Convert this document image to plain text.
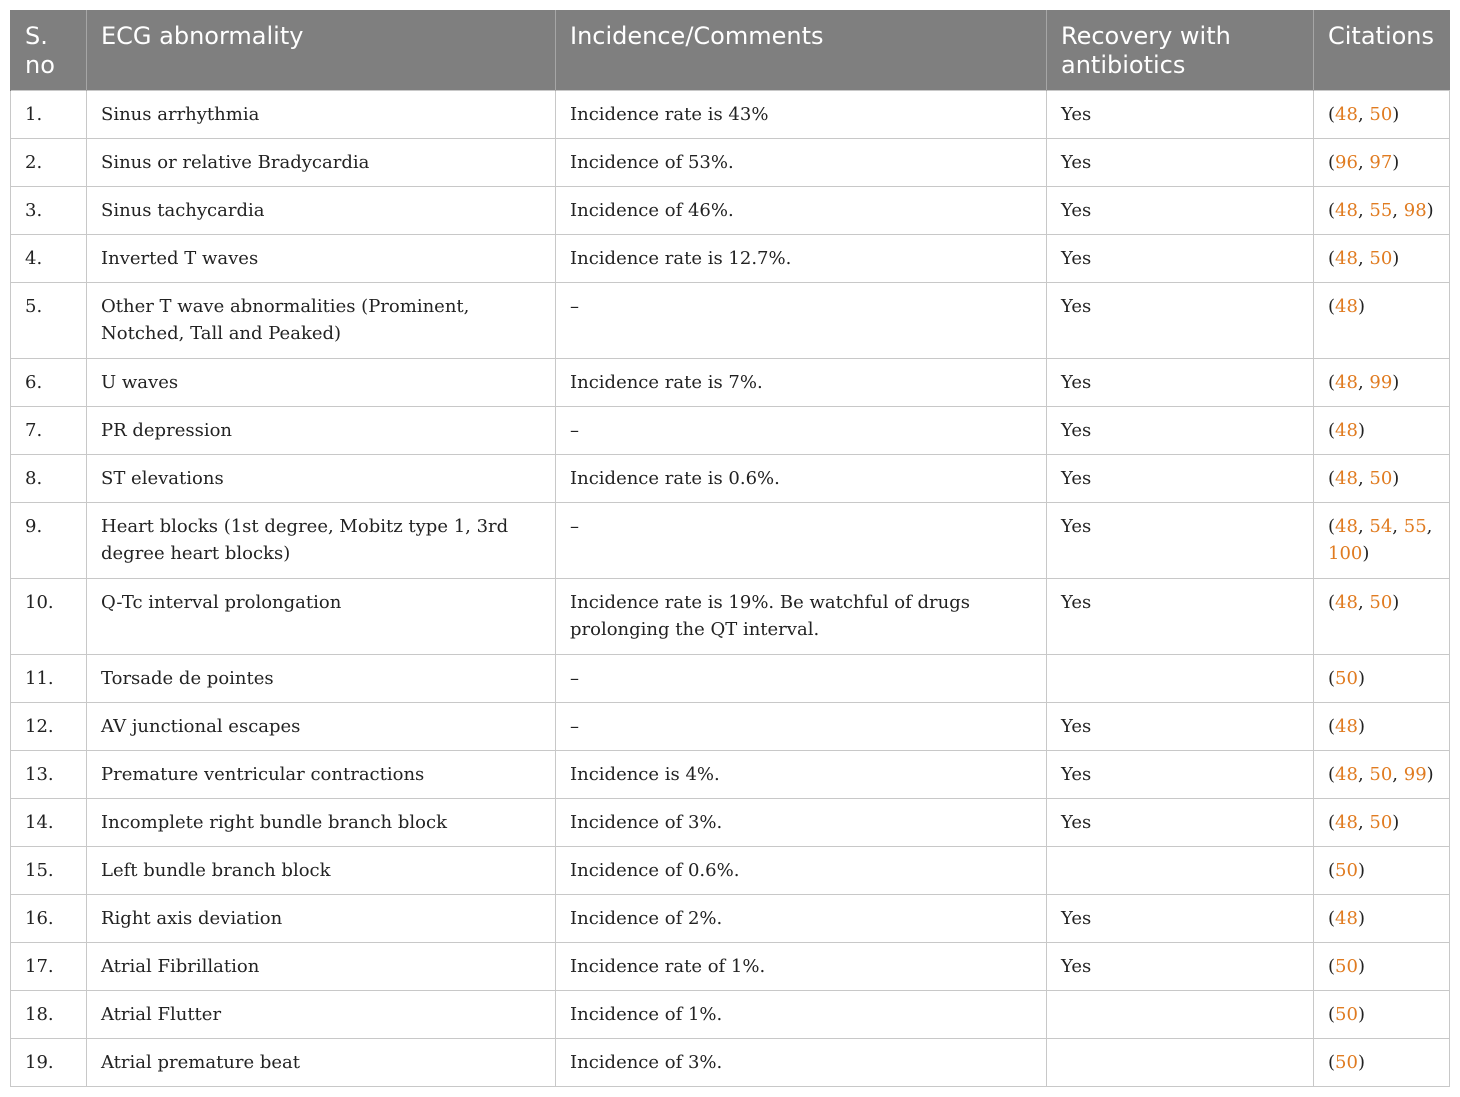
S. no	ECG abnormality	Incidence/Comments	Recovery with antibiotics	Citations
1.	Sinus arrhythmia	Incidence rate is 43%	Yes	(48, 50)
2.	Sinus or relative Bradycardia	Incidence of 53%.	Yes	(96, 97)
3.	Sinus tachycardia	Incidence of 46%.	Yes	(48, 55, 98)
4.	Inverted T waves	Incidence rate is 12.7%.	Yes	(48, 50)
5.	Other T wave abnormalities (Prominent, Notched, Tall and Peaked)	–	Yes	(48)
6.	U waves	Incidence rate is 7%.	Yes	(48, 99)
7.	PR depression	–	Yes	(48)
8.	ST elevations	Incidence rate is 0.6%.	Yes	(48, 50)
9.	Heart blocks (1st degree, Mobitz type 1, 3rd degree heart blocks)	–	Yes	(48, 54, 55, 100)
10.	Q-Tc interval prolongation	Incidence rate is 19%. Be watchful of drugs prolonging the QT interval.	Yes	(48, 50)
11.	Torsade de pointes	–		(50)
12.	AV junctional escapes	–	Yes	(48)
13.	Premature ventricular contractions	Incidence is 4%.	Yes	(48, 50, 99)
14.	Incomplete right bundle branch block	Incidence of 3%.	Yes	(48, 50)
15.	Left bundle branch block	Incidence of 0.6%.		(50)
16.	Right axis deviation	Incidence of 2%.	Yes	(48)
17.	Atrial Fibrillation	Incidence rate of 1%.	Yes	(50)
18.	Atrial Flutter	Incidence of 1%.		(50)
19.	Atrial premature beat	Incidence of 3%.		(50)
